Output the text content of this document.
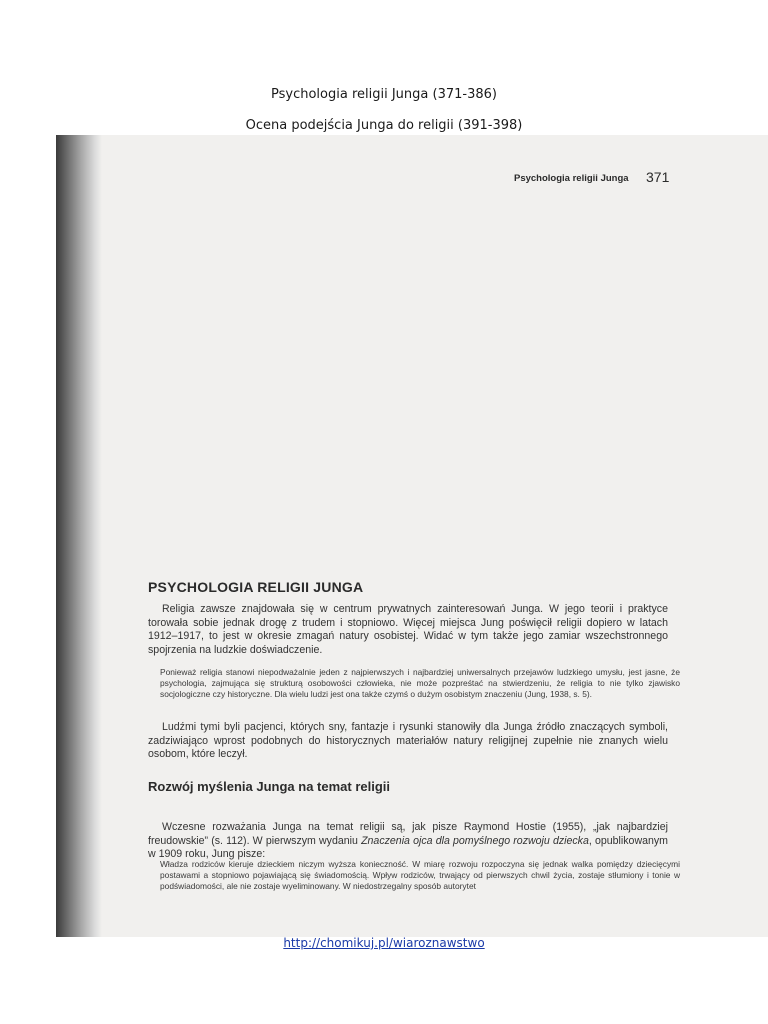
Psychologia religii Junga (371-386)
Ocena podejścia Junga do religii (391-398)
Psychologia religii Junga 371
PSYCHOLOGIA RELIGII JUNGA

Religia zawsze znajdowała się w centrum prywatnych zainteresowań Junga. W jego teorii i praktyce torowała sobie jednak drogę z trudem i stopniowo. Więcej miejsca Jung poświęcił religii dopiero w latach 1912–1917, to jest w okresie zmagań natury osobistej. Widać w tym także jego zamiar wszechstronnego spojrzenia na ludzkie doświadczenie.

Ponieważ religia stanowi niepodważalnie jeden z najpierwszych i najbardziej uniwersalnych przejawów ludzkiego umysłu, jest jasne, że psychologia, zajmująca się strukturą osobowości człowieka, nie może pozpreśtać na stwierdzeniu, że religia to nie tylko zjawisko socjologiczne czy historyczne. Dla wielu ludzi jest ona także czymś o dużym osobistym znaczeniu (Jung, 1938, s. 5).

Ludźmi tymi byli pacjenci, których sny, fantazje i rysunki stanowiły dla Junga źródło znaczących symboli, zadziwiająco wprost podobnych do historycznych materiałów natury religijnej zupełnie nie znanych wielu osobom, które leczył.

Rozwój myślenia Junga na temat religii

Wczesne rozważania Junga na temat religii są, jak pisze Raymond Hostie (1955), „jak najbardziej freudowskie” (s. 112). W pierwszym wydaniu Znaczenia ojca dla pomyślnego rozwoju dziecka, opublikowanym w 1909 roku, Jung pisze:

Władza rodziców kieruje dzieckiem niczym wyższa konieczność. W miarę rozwoju rozpoczyna się jednak walka pomiędzy dziecięcymi postawami a stopniowo pojawiającą się świadomością. Wpływ rodziców, trwający od pierwszych chwil życia, zostaje stłumiony i tonie w podświadomości, ale nie zostaje wyeliminowany. W niedostrzegalny sposób autorytet

http://chomikuj.pl/wiaroznawstwo
